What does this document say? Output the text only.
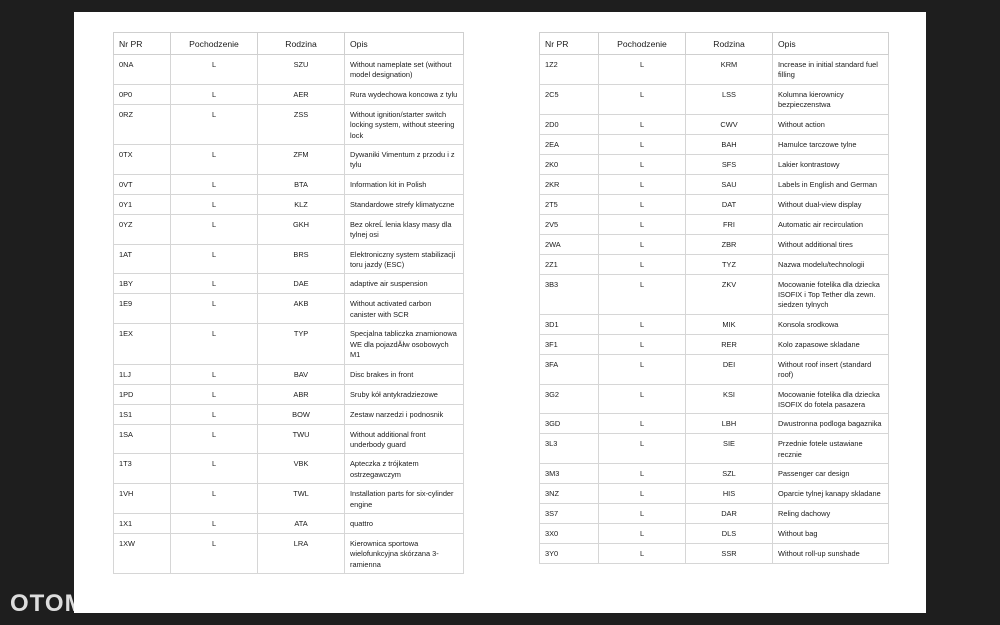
Nr PR	Pochodzenie	Rodzina	Opis
0NA	L	SZU	Without nameplate set (without model designation)
0P0	L	AER	Rura wydechowa koncowa z tylu
0RZ	L	ZSS	Without ignition/starter switch locking system, without steering lock
0TX	L	ZFM	Dywaniki Vimentum z przodu i z tylu
0VT	L	BTA	Information kit in Polish
0Y1	L	KLZ	Standardowe strefy klimatyczne
0YZ	L	GKH	Bez okreĹ lenia klasy masy dla tylnej osi
1AT	L	BRS	Elektroniczny system stabilizacji toru jazdy (ESC)
1BY	L	DAE	adaptive air suspension
1E9	L	AKB	Without activated carbon canister with SCR
1EX	L	TYP	Specjalna tabliczka znamionowa WE dla pojazdĂłw osobowych M1
1LJ	L	BAV	Disc brakes in front
1PD	L	ABR	Sruby kół antykradziezowe
1S1	L	BOW	Zestaw narzedzi i podnosnik
1SA	L	TWU	Without additional front underbody guard
1T3	L	VBK	Apteczka z trójkatem ostrzegawczym
1VH	L	TWL	Installation parts for six-cylinder engine
1X1	L	ATA	quattro
1XW	L	LRA	Kierownica sportowa wielofunkcyjna skórzana 3-ramienna
Nr PR	Pochodzenie	Rodzina	Opis
1Z2	L	KRM	Increase in initial standard fuel filling
2C5	L	LSS	Kolumna kierownicy bezpieczenstwa
2D0	L	CWV	Without action
2EA	L	BAH	Hamulce tarczowe tylne
2K0	L	SFS	Lakier kontrastowy
2KR	L	SAU	Labels in English and German
2T5	L	DAT	Without dual-view display
2V5	L	FRI	Automatic air recirculation
2WA	L	ZBR	Without additional tires
2Z1	L	TYZ	Nazwa modelu/technologii
3B3	L	ZKV	Mocowanie fotelika dla dziecka ISOFIX i Top Tether dla zewn. siedzen tylnych
3D1	L	MIK	Konsola srodkowa
3F1	L	RER	Kolo zapasowe skladane
3FA	L	DEI	Without roof insert (standard roof)
3G2	L	KSI	Mocowanie fotelika dla dziecka ISOFIX do fotela pasazera
3GD	L	LBH	Dwustronna podloga bagaznika
3L3	L	SIE	Przednie fotele ustawiane recznie
3M3	L	SZL	Passenger car design
3NZ	L	HIS	Oparcie tylnej kanapy skladane
3S7	L	DAR	Reling dachowy
3X0	L	DLS	Without bag
3Y0	L	SSR	Without roll-up sunshade
OTOMOTO
